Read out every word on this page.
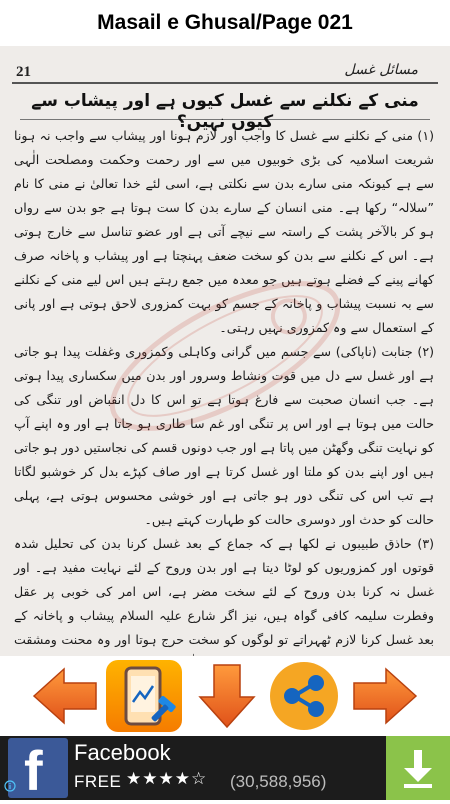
Masail e Ghusal/Page 021
21	مسائل غسل
منی کے نکلنے سے غسل کیوں ہے اور پیشاب سے کیوں نہیں؟

(۱) منی کے نکلنے سے غسل کا واجب اور لازم ہونا اور پیشاب سے واجب نہ ہونا شریعت اسلامیہ کی بڑی خوبیوں میں سے اور رحمت وحکمت ومصلحت الٰہی سے ہے کیونکہ منی سارے بدن سے نکلتی ہے، اسی لئے خدا تعالیٰ نے منی کا نام ”سلالہ“ رکھا ہے۔ منی انسان کے سارے بدن کا ست ہوتا ہے جو بدن سے رواں ہو کر بالآخر پشت کے راستہ سے نیچے آتی ہے اور عضو تناسل سے خارج ہوتی ہے۔ اس کے نکلنے سے بدن کو سخت ضعف پہنچتا ہے اور پیشاب و پاخانہ صرف کھانے پینے کے فضلے ہوتے ہیں جو معدہ میں جمع رہتے ہیں اس لیے منی کے نکلنے سے بہ نسبت پیشاب و پاخانہ کے جسم کو بہت کمزوری لاحق ہوتی ہے اور پانی کے استعمال سے وہ کمزوری نہیں رہتی۔

(۲) جنابت (ناپاکی) سے جسم میں گرانی وکاہلی وکمزوری وغفلت پیدا ہو جاتی ہے اور غسل سے دل میں قوت ونشاط وسرور اور بدن میں سکساری پیدا ہوتی ہے۔ جب انسان صحبت سے فارغ ہوتا ہے تو اس کا دل انقباض اور تنگی کی حالت میں ہوتا ہے اور اس پر تنگی اور غم سا طاری ہو جاتا ہے اور وہ اپنے آپ کو نہایت تنگی وگھٹن میں پاتا ہے اور جب دونوں قسم کی نجاستیں دور ہو جاتی ہیں اور اپنے بدن کو ملتا اور غسل کرتا ہے اور صاف کپڑے بدل کر خوشبو لگاتا ہے تب اس کی تنگی دور ہو جاتی ہے اور خوشی محسوس ہوتی ہے، پہلی حالت کو حدث اور دوسری حالت کو طہارت کہتے ہیں۔

(۳) حاذق طبیبوں نے لکھا ہے کہ جماع کے بعد غسل کرنا بدن کی تحلیل شدہ قوتوں اور کمزوریوں کو لوٹا دیتا ہے اور بدن وروح کے لئے نہایت مفید ہے۔ اور غسل نہ کرنا بدن وروح کے لئے سخت مضر ہے، اس امر کی خوبی پر عقل وفطرت سلیمہ کافی گواہ ہیں، نیز اگر شارع علیہ السلام پیشاب و پاخانہ کے بعد غسل کرنا لازم ٹھہراتے تو لوگوں کو سخت حرج ہوتا اور وہ محنت ومشقت

f Facebook
FREE ★★★★☆ (30,588,956)
